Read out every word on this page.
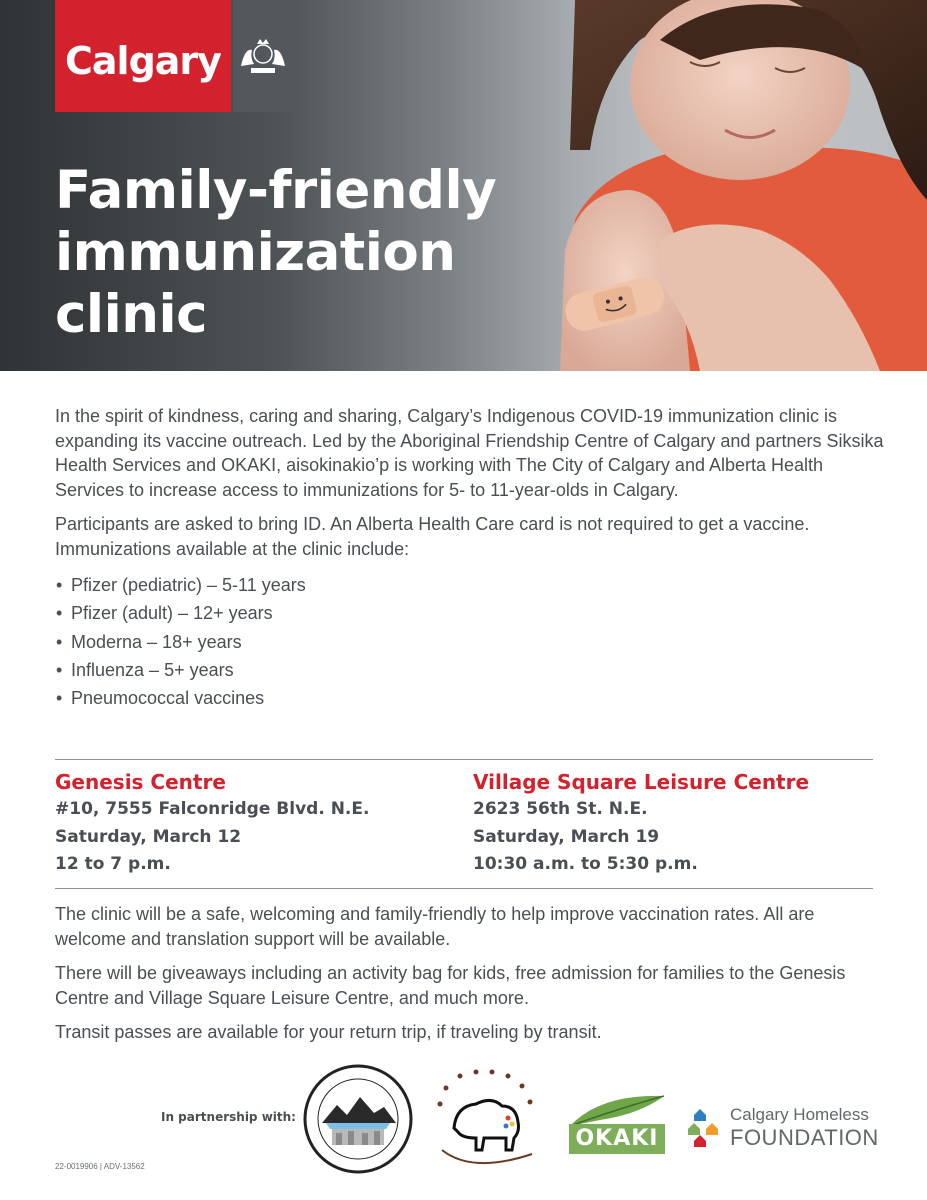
Calgary
Family-friendly
immunization
clinic

In the spirit of kindness, caring and sharing, Calgary’s Indigenous COVID-19 immunization clinic is expanding its vaccine outreach. Led by the Aboriginal Friendship Centre of Calgary and partners Siksika Health Services and OKAKI, aisokinakio’p is working with The City of Calgary and Alberta Health Services to increase access to immunizations for 5- to 11-year-olds in Calgary.

Participants are asked to bring ID. An Alberta Health Care card is not required to get a vaccine. Immunizations available at the clinic include:

• Pfizer (pediatric) – 5-11 years
• Pfizer (adult) – 12+ years
• Moderna – 18+ years
• Influenza – 5+ years
• Pneumococcal vaccines
Genesis Centre
#10, 7555 Falconridge Blvd. N.E.
Saturday, March 12
12 to 7 p.m.
Village Square Leisure Centre
2623 56th St. N.E.
Saturday, March 19
10:30 a.m. to 5:30 p.m.

The clinic will be a safe, welcoming and family-friendly to help improve vaccination rates. All are welcome and translation support will be available.

There will be giveaways including an activity bag for kids, free admission for families to the Genesis Centre and Village Square Leisure Centre, and much more.

Transit passes are available for your return trip, if traveling by transit.

In partnership with:
22-0019906 | ADV-13562
OKAKI
Calgary Homeless
FOUNDATION
